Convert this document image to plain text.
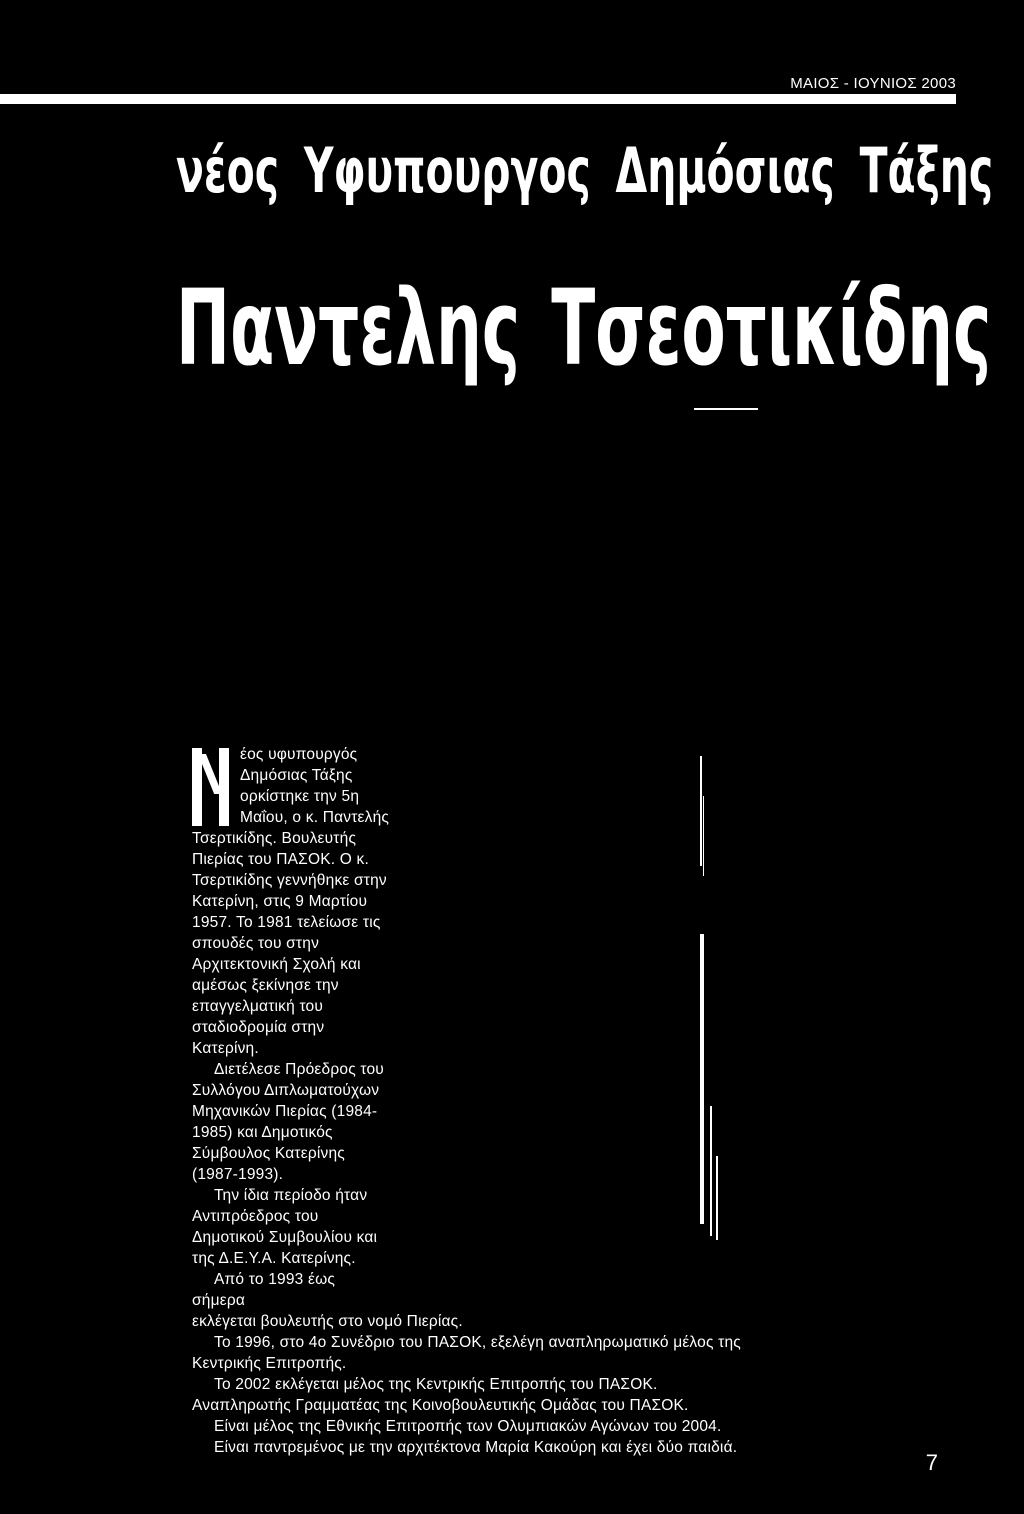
ΜΑΙΟΣ - ΙΟΥΝΙΟΣ 2003
νέος Υφυπουργος Δημόσιας Τάξης
Παντελης Τσεοτικίδης

έος υφυπουργός Δημόσιας Τάξης ορκίστηκε την 5η Μαΐου, ο κ. Παντελής Τσερτικίδης. Βουλευτής Πιερίας του ΠΑΣΟΚ. Ο κ. Τσερτικίδης γεννήθηκε στην Κατερίνη, στις 9 Μαρτίου 1957. Το 1981 τελείωσε τις σπουδές του στην Αρχιτεκτονική Σχολή και αμέσως ξεκίνησε την επαγγελματική του σταδιοδρομία στην Κατερίνη.

Διετέλεσε Πρόεδρος του Συλλόγου Διπλωματούχων Μηχανικών Πιερίας (1984-1985) και Δημοτικός Σύμβουλος Κατερίνης (1987-1993).

Την ίδια περίοδο ήταν Αντιπρόεδρος του Δημοτικού Συμβουλίου και της Δ.Ε.Υ.Α. Κατερίνης.

Από το 1993 έως σήμερα

εκλέγεται βουλευτής στο νομό Πιερίας.

Το 1996, στο 4ο Συνέδριο του ΠΑΣΟΚ, εξελέγη αναπληρωματικό μέλος της Κεντρικής Επιτροπής.

Το 2002 εκλέγεται μέλος της Κεντρικής Επιτροπής του ΠΑΣΟΚ. Αναπληρωτής Γραμματέας της Κοινοβουλευτικής Ομάδας του ΠΑΣΟΚ.

Είναι μέλος της Εθνικής Επιτροπής των Ολυμπιακών Αγώνων του 2004.

Είναι παντρεμένος με την αρχιτέκτονα Μαρία Κακούρη και έχει δύο παιδιά.

7
